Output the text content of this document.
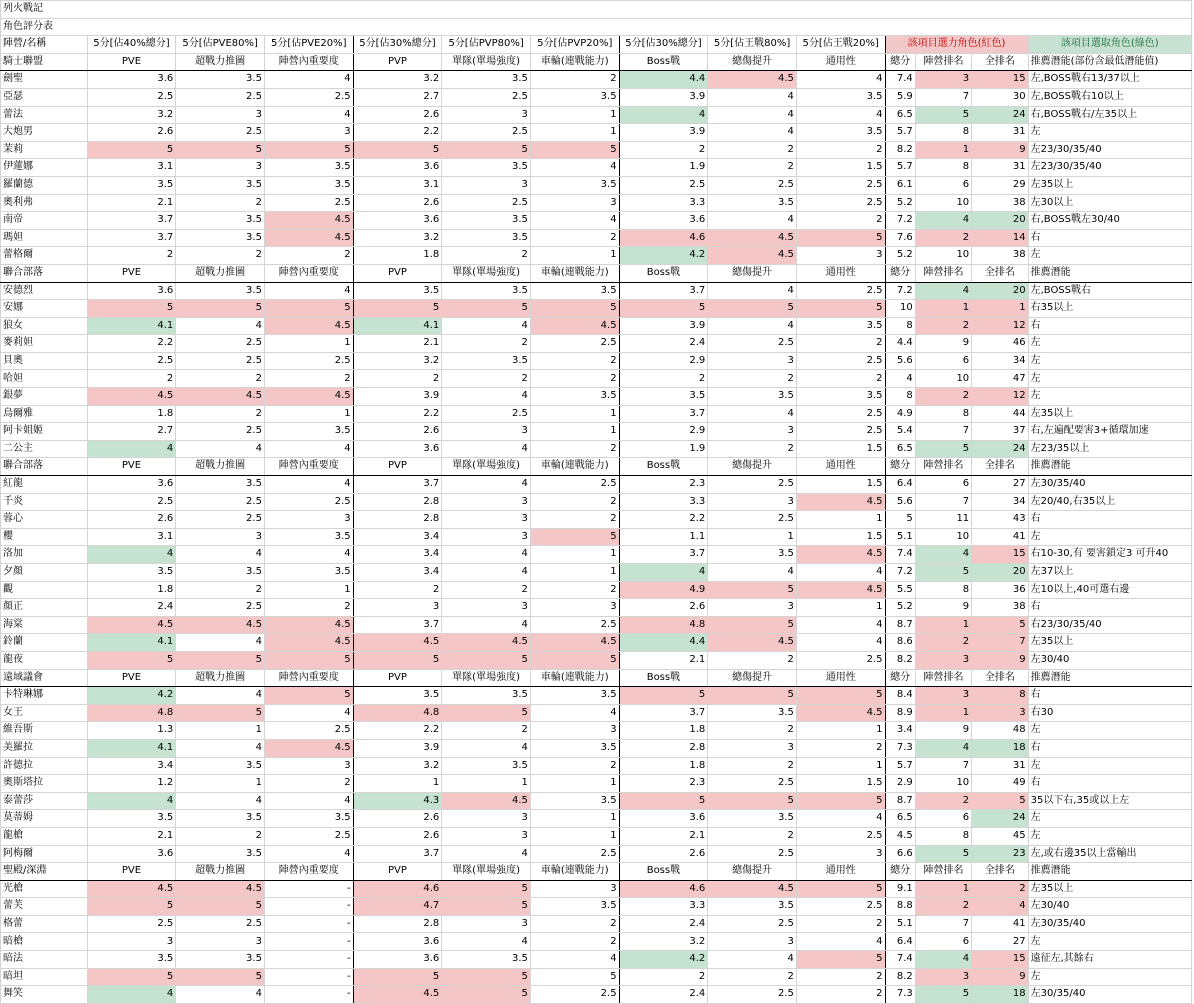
列火戰記													
角色評分表													
陣營/名稱	5分[佔40%總分]	5分[佔PVE80%]	5分[佔PVE20%]	5分[佔30%總分]	5分[佔PVP80%]	5分[佔PVP20%]	5分[佔30%總分]	5分[佔王戰80%]	5分[佔王戰20%]	該項目選力角色(紅色)			該項目選取角色(綠色)
騎士聯盟	PVE	超戰力推圖	陣營內重要度	PVP	單隊(單場強度)	車輪(連戰能力)	Boss戰	總傷提升	通用性	總分	陣營排名	全排名	推薦潛能(部份含最低潛能值)
劍聖	3.6	3.5	4	3.2	3.5	2	4.4	4.5	4	7.4	3	15	左,BOSS戰右13/37以上
亞瑟	2.5	2.5	2.5	2.7	2.5	3.5	3.9	4	3.5	5.9	7	30	左,BOSS戰右10以上
蕾法	3.2	3	4	2.6	3	1	4	4	4	6.5	5	24	右,BOSS戰右/左35以上
大炮男	2.6	2.5	3	2.2	2.5	1	3.9	4	3.5	5.7	8	31	左
茉莉	5	5	5	5	5	5	2	2	2	8.2	1	9	左23/30/35/40
伊蓮娜	3.1	3	3.5	3.6	3.5	4	1.9	2	1.5	5.7	8	31	左23/30/35/40
羅蘭德	3.5	3.5	3.5	3.1	3	3.5	2.5	2.5	2.5	6.1	6	29	左35以上
奧利弗	2.1	2	2.5	2.6	2.5	3	3.3	3.5	2.5	5.2	10	38	左30以上
南帝	3.7	3.5	4.5	3.6	3.5	4	3.6	4	2	7.2	4	20	右,BOSS戰左30/40
瑪妲	3.7	3.5	4.5	3.2	3.5	2	4.6	4.5	5	7.6	2	14	右
蕾格爾	2	2	2	1.8	2	1	4.2	4.5	3	5.2	10	38	左
聯合部落	PVE	超戰力推圖	陣營內重要度	PVP	單隊(單場強度)	車輪(連戰能力)	Boss戰	總傷提升	通用性	總分	陣營排名	全排名	推薦潛能
安德烈	3.6	3.5	4	3.5	3.5	3.5	3.7	4	2.5	7.2	4	20	左,BOSS戰右
安娜	5	5	5	5	5	5	5	5	5	10	1	1	右35以上
狼女	4.1	4	4.5	4.1	4	4.5	3.9	4	3.5	8	2	12	右
麥莉妲	2.2	2.5	1	2.1	2	2.5	2.4	2.5	2	4.4	9	46	左
貝奧	2.5	2.5	2.5	3.2	3.5	2	2.9	3	2.5	5.6	6	34	左
哈妲	2	2	2	2	2	2	2	2	2	4	10	47	左
銀夢	4.5	4.5	4.5	3.9	4	3.5	3.5	3.5	3.5	8	2	12	左
烏爾雅	1.8	2	1	2.2	2.5	1	3.7	4	2.5	4.9	8	44	左35以上
阿卡姐姬	2.7	2.5	3.5	2.6	3	1	2.9	3	2.5	5.4	7	37	右,左遍配要害3+循環加速
二公主	4	4	4	3.6	4	2	1.9	2	1.5	6.5	5	24	左23/35以上
聯合部落	PVE	超戰力推圖	陣營內重要度	PVP	單隊(單場強度)	車輪(連戰能力)	Boss戰	總傷提升	通用性	總分	陣營排名	全排名	推薦潛能
紅龍	3.6	3.5	4	3.7	4	2.5	2.3	2.5	1.5	6.4	6	27	左30/35/40
千炎	2.5	2.5	2.5	2.8	3	2	3.3	3	4.5	5.6	7	34	左20/40,右35以上
蓉心	2.6	2.5	3	2.8	3	2	2.2	2.5	1	5	11	43	右
櫻	3.1	3	3.5	3.4	3	5	1.1	1	1.5	5.1	10	41	左
洛加	4	4	4	3.4	4	1	3.7	3.5	4.5	7.4	4	15	右10-30,有 要害鎖定3 可升40
夕顏	3.5	3.5	3.5	3.4	4	1	4	4	4	7.2	5	20	左37以上
觀	1.8	2	1	2	2	2	4.9	5	4.5	5.5	8	36	左10以上,40可選右邊
顏正	2.4	2.5	2	3	3	3	2.6	3	1	5.2	9	38	右
海棠	4.5	4.5	4.5	3.7	4	2.5	4.8	5	4	8.7	1	5	右23/30/35/40
鈴蘭	4.1	4	4.5	4.5	4.5	4.5	4.4	4.5	4	8.6	2	7	左35以上
龍夜	5	5	5	5	5	5	2.1	2	2.5	8.2	3	9	左30/40
遠域議會	PVE	超戰力推圖	陣營內重要度	PVP	單隊(單場強度)	車輪(連戰能力)	Boss戰	總傷提升	通用性	總分	陣營排名	全排名	推薦潛能
卡特琳娜	4.2	4	5	3.5	3.5	3.5	5	5	5	8.4	3	8	右
女王	4.8	5	4	4.8	5	4	3.7	3.5	4.5	8.9	1	3	右30
維吾斯	1.3	1	2.5	2.2	2	3	1.8	2	1	3.4	9	48	左
美羅拉	4.1	4	4.5	3.9	4	3.5	2.8	3	2	7.3	4	18	右
許德拉	3.4	3.5	3	3.2	3.5	2	1.8	2	1	5.7	7	31	左
奧斯塔拉	1.2	1	2	1	1	1	2.3	2.5	1.5	2.9	10	49	右
泰蕾莎	4	4	4	4.3	4.5	3.5	5	5	5	8.7	2	5	35以下右,35或以上左
莫蒂姆	3.5	3.5	3.5	2.6	3	1	3.6	3.5	4	6.5	6	24	左
龍槍	2.1	2	2.5	2.6	3	1	2.1	2	2.5	4.5	8	45	左
阿梅爾	3.6	3.5	4	3.7	4	2.5	2.6	2.5	3	6.6	5	23	左,或右邊35以上當輸出
聖殿/深淵	PVE	超戰力推圖	陣營內重要度	PVP	單隊(單場強度)	車輪(連戰能力)	Boss戰	總傷提升	通用性	總分	陣營排名	全排名	推薦潛能
光槍	4.5	4.5	-	4.6	5	3	4.6	4.5	5	9.1	1	2	左35以上
蕾芙	5	5	-	4.7	5	3.5	3.3	3.5	2.5	8.8	2	4	左30/40
格蕾	2.5	2.5	-	2.8	3	2	2.4	2.5	2	5.1	7	41	左30/35/40
暗槍	3	3	-	3.6	4	2	3.2	3	4	6.4	6	27	左
暗法	3.5	3.5	-	3.6	3.5	4	4.2	4	5	7.4	4	15	遠征左,其餘右
暗坦	5	5	-	5	5	5	2	2	2	8.2	3	9	左
舞笑	4	4	-	4.5	5	2.5	2.4	2.5	2	7.3	5	18	左30/35/40
